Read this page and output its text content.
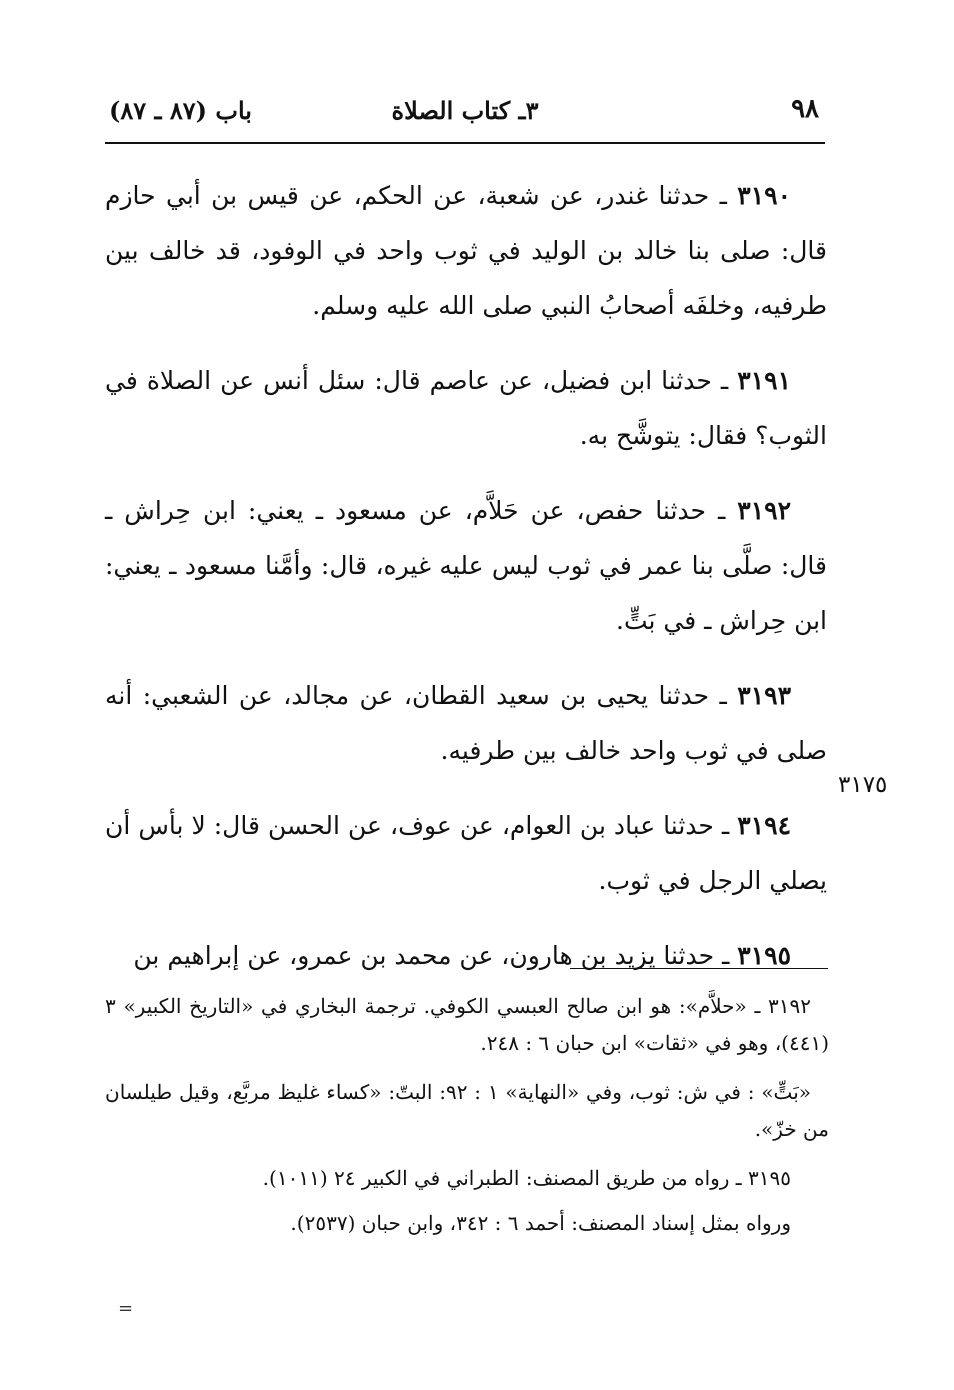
٩٨
٣ـ كتاب الصلاة
باب (٨٧ ـ ٨٧)

٣١٩٠ ـ حدثنا غندر، عن شعبة، عن الحكم، عن قيس بن أبي حازم قال: صلى بنا خالد بن الوليد في ثوب واحد في الوفود، قد خالف بين طرفيه، وخلفَه أصحابُ النبي صلى الله عليه وسلم.

٣١٩١ ـ حدثنا ابن فضيل، عن عاصم قال: سئل أنس عن الصلاة في الثوب؟ فقال: يتوشَّح به.

٣١٩٢ ـ حدثنا حفص، عن حَلاَّم، عن مسعود ـ يعني: ابن حِراش ـ قال: صلَّى بنا عمر في ثوب ليس عليه غيره، قال: وأمَّنا مسعود ـ يعني: ابن حِراش ـ في بَتٍّ.

٣١٩٣ ـ حدثنا يحيى بن سعيد القطان، عن مجالد، عن الشعبي: أنه صلى في ثوب واحد خالف بين طرفيه.

٣١٩٤ ـ حدثنا عباد بن العوام، عن عوف، عن الحسن قال: لا بأس أن يصلي الرجل في ثوب.

٣١٩٥ ـ حدثنا يزيد بن هارون، عن محمد بن عمرو، عن إبراهيم بن

٣١٧٥

٣١٩٢ ـ «حلاَّم»: هو ابن صالح العبسي الكوفي. ترجمة البخاري في «التاريخ الكبير» ٣ (٤٤١)، وهو في «ثقات» ابن حبان ٦ : ٢٤٨.

«بَتٍّ» : في ش: ثوب، وفي «النهاية» ١ : ٩٢: البتّ: «كساء غليظ مربَّع، وقيل طيلسان من خزّ».

٣١٩٥ ـ رواه من طريق المصنف: الطبراني في الكبير ٢٤ (١٠١١).

ورواه بمثل إسناد المصنف: أحمد ٦ : ٣٤٢، وابن حبان (٢٥٣٧).

=
